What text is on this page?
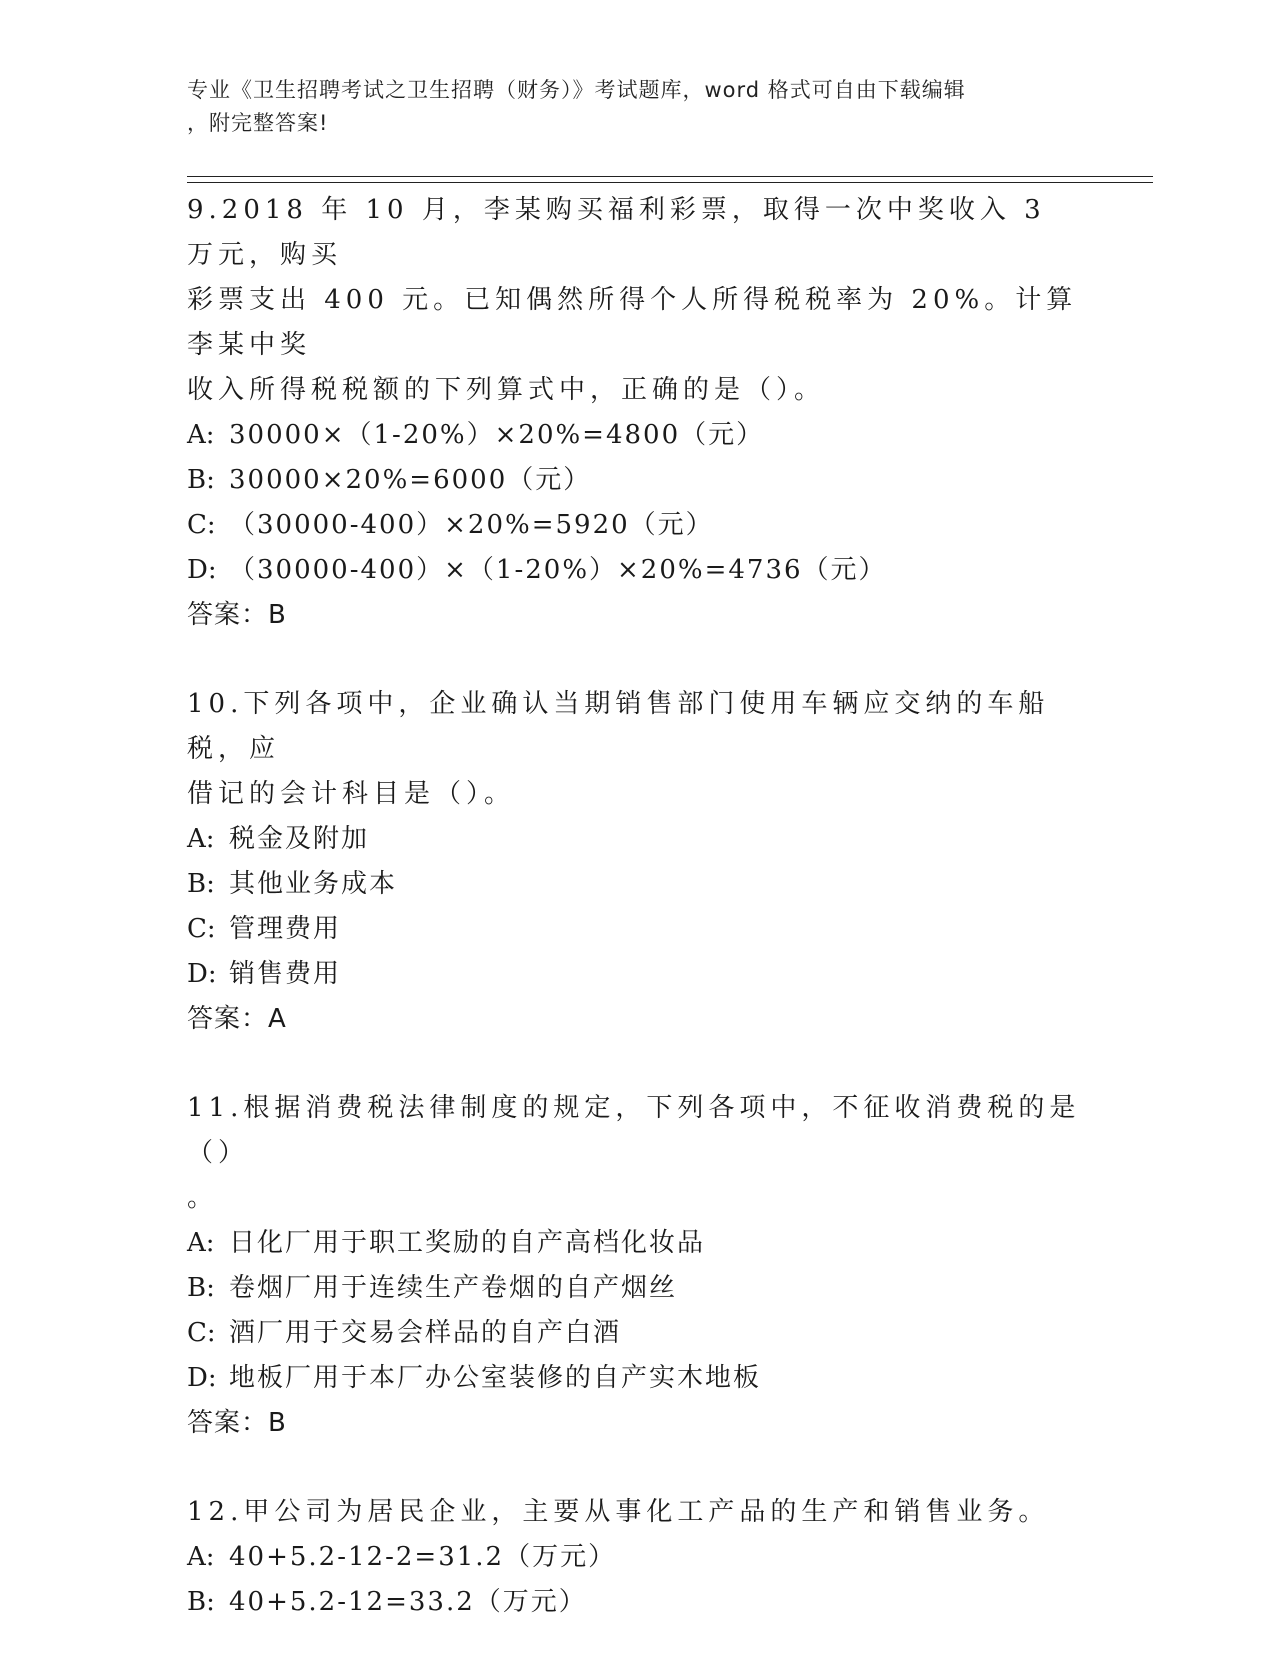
专业《卫生招聘考试之卫生招聘（财务）》考试题库，word 格式可自由下载编辑
，附完整答案!

9.2018 年 10 月，李某购买福利彩票，取得一次中奖收入 3 万元，购买

彩票支出 400 元。已知偶然所得个人所得税税率为 20%。计算李某中奖

收入所得税税额的下列算式中，正确的是（）。

A: 30000×（1-20%）×20%=4800（元）

B: 30000×20%=6000（元）

C: （30000-400）×20%=5920（元）

D: （30000-400）×（1-20%）×20%=4736（元）

答案：B

10.下列各项中，企业确认当期销售部门使用车辆应交纳的车船税，应

借记的会计科目是（）。

A: 税金及附加

B: 其他业务成本

C: 管理费用

D: 销售费用

答案：A

11.根据消费税法律制度的规定，下列各项中，不征收消费税的是（）

。

A: 日化厂用于职工奖励的自产高档化妆品

B: 卷烟厂用于连续生产卷烟的自产烟丝

C: 酒厂用于交易会样品的自产白酒

D: 地板厂用于本厂办公室装修的自产实木地板

答案：B

12.甲公司为居民企业，主要从事化工产品的生产和销售业务。

A: 40+5.2-12-2=31.2（万元）

B: 40+5.2-12=33.2（万元）
